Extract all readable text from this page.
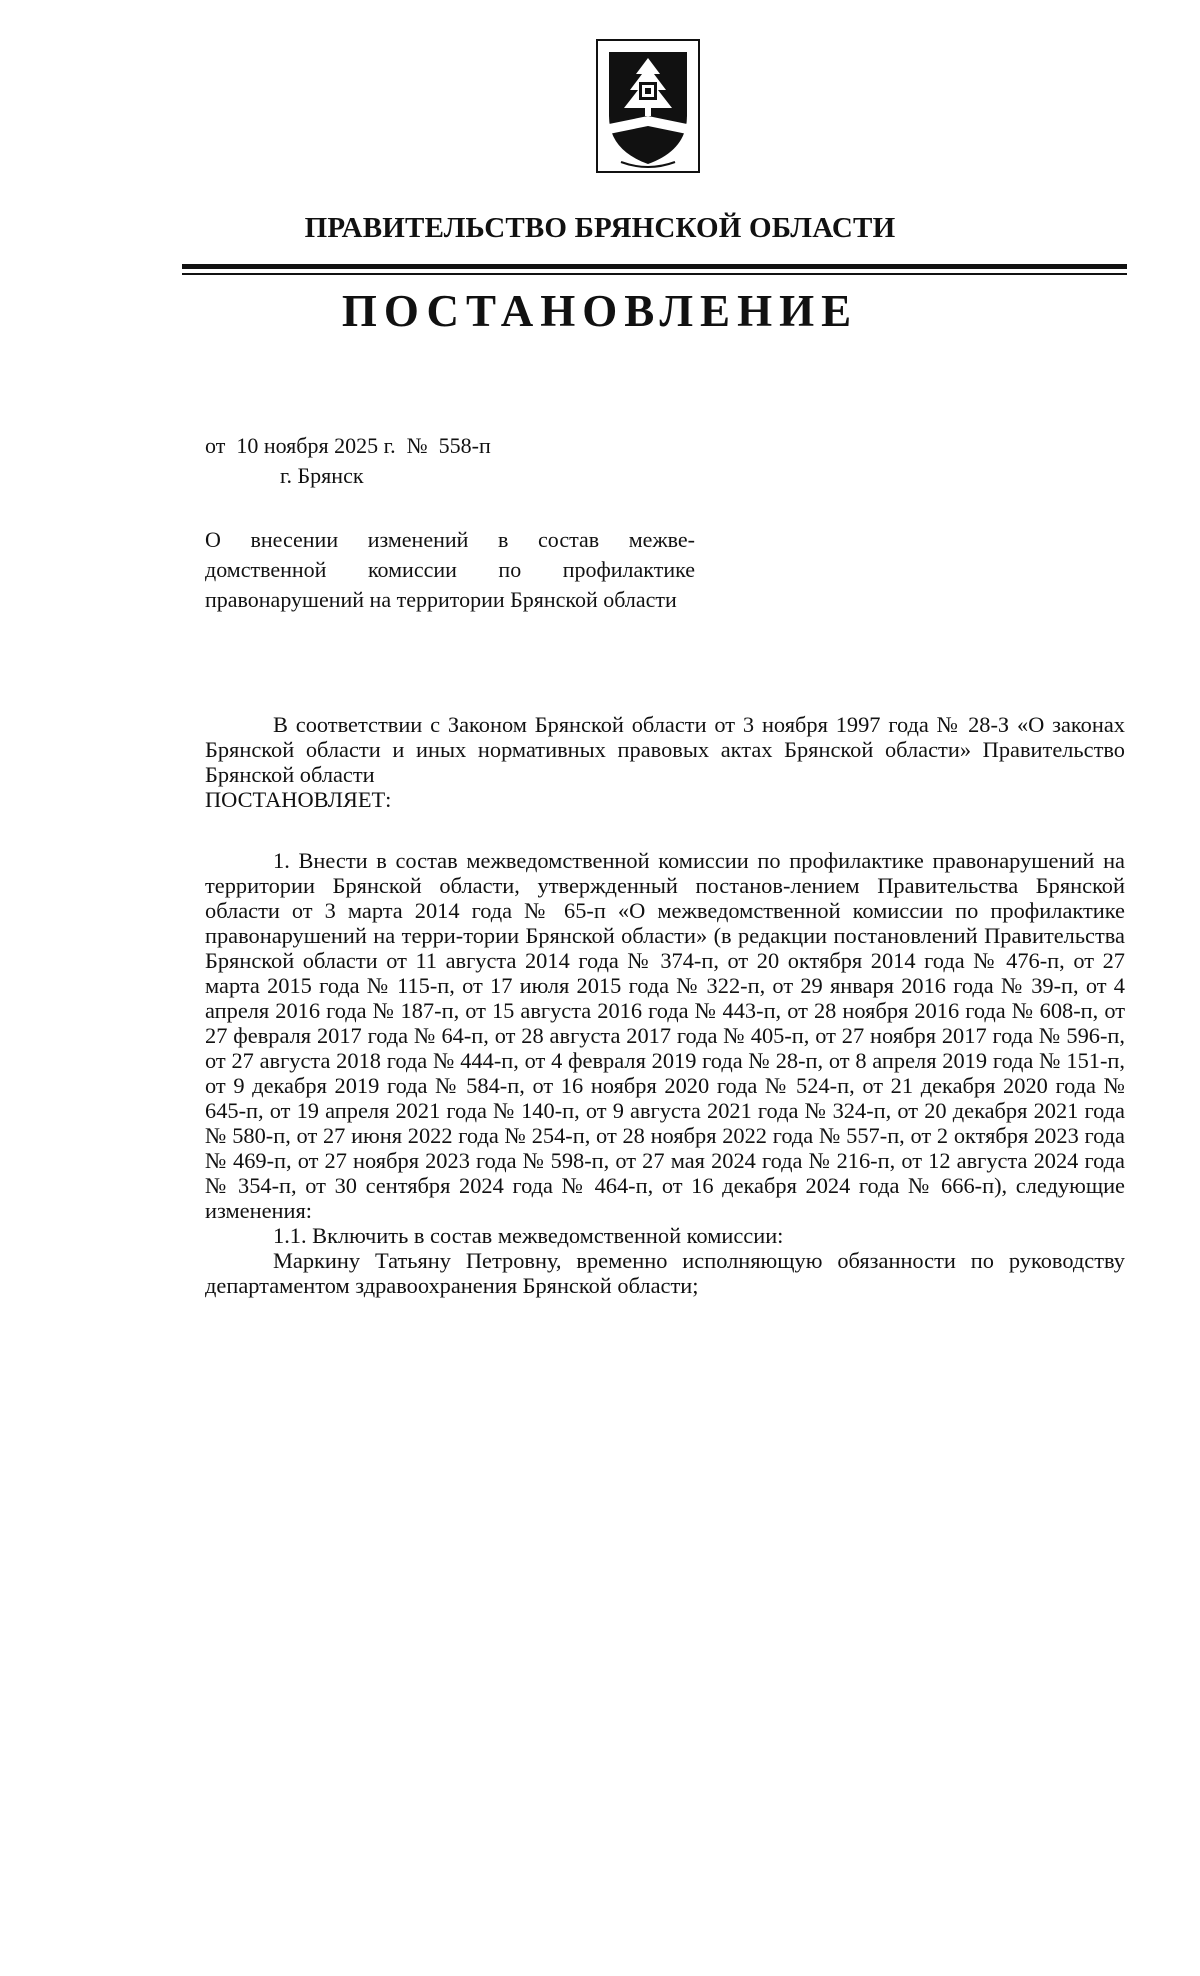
ПРАВИТЕЛЬСТВО БРЯНСКОЙ ОБЛАСТИ
ПОСТАНОВЛЕНИЕ
от  10 ноября 2025 г.  №  558-п
г. Брянск
О внесении изменений в состав межве-домственной комиссии по профилактике правонарушений на территории Брянской области

В соответствии с Законом Брянской области от 3 ноября 1997 года № 28-З «О законах Брянской области и иных нормативных правовых актах Брянской области» Правительство Брянской области

ПОСТАНОВЛЯЕТ:

1. Внести в состав межведомственной комиссии по профилактике правонарушений на территории Брянской области, утвержденный постанов-лением Правительства Брянской области от 3 марта 2014 года № 65-п «О межведомственной комиссии по профилактике правонарушений на терри-тории Брянской области» (в редакции постановлений Правительства Брянской области от 11 августа 2014 года № 374-п, от 20 октября 2014 года № 476-п, от 27 марта 2015 года № 115-п, от 17 июля 2015 года № 322-п, от 29 января 2016 года № 39-п, от 4 апреля 2016 года № 187-п, от 15 августа 2016 года № 443-п, от 28 ноября 2016 года № 608-п, от 27 февраля 2017 года № 64-п, от 28 августа 2017 года № 405-п, от 27 ноября 2017 года № 596-п, от 27 августа 2018 года № 444-п, от 4 февраля 2019 года № 28-п, от 8 апреля 2019 года № 151-п, от 9 декабря 2019 года № 584-п, от 16 ноября 2020 года № 524-п, от 21 декабря 2020 года № 645-п, от 19 апреля 2021 года № 140-п, от 9 августа 2021 года № 324-п, от 20 декабря 2021 года № 580-п, от 27 июня 2022 года № 254-п, от 28 ноября 2022 года № 557-п, от 2 октября 2023 года № 469-п, от 27 ноября 2023 года № 598-п, от 27 мая 2024 года № 216-п, от 12 августа 2024 года № 354-п, от 30 сентября 2024 года № 464-п, от 16 декабря 2024 года № 666-п), следующие изменения:

1.1. Включить в состав межведомственной комиссии:

Маркину Татьяну Петровну, временно исполняющую обязанности по руководству департаментом здравоохранения Брянской области;
